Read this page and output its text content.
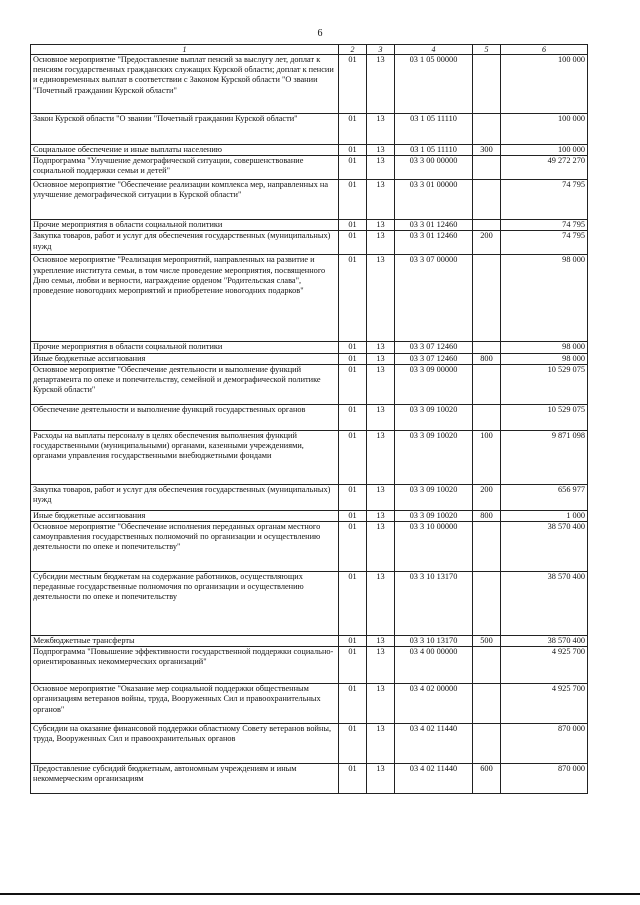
6
1	2	3	4	5	6
Основное мероприятие "Предоставление выплат пенсий за выслугу лет, доплат к пенсиям государственных гражданских служащих Курской области; доплат к пенсии и единовременных выплат в соответствии с Законом Курской области "О звании "Почетный гражданин Курской области"	01	13	03 1 05 00000		100 000
Закон Курской области "О звании "Почетный гражданин Курской области"	01	13	03 1 05 11110		100 000
Социальное обеспечение и иные выплаты населению	01	13	03 1 05 11110	300	100 000
Подпрограмма "Улучшение демографической ситуации, совершенствование социальной поддержки семьи и детей"	01	13	03 3 00 00000		49 272 270
Основное мероприятие "Обеспечение реализации комплекса мер, направленных на улучшение демографической ситуации в Курской области"	01	13	03 3 01 00000		74 795
Прочие мероприятия в области социальной политики	01	13	03 3 01 12460		74 795
Закупка товаров, работ и услуг для обеспечения государственных (муниципальных) нужд	01	13	03 3 01 12460	200	74 795
Основное мероприятие "Реализация мероприятий, направленных на развитие и укрепление института семьи, в том числе проведение мероприятия, посвященного Дню семьи, любви и верности, награждение орденом "Родительская слава", проведение новогодних мероприятий и приобретение новогодних подарков"	01	13	03 3 07 00000		98 000
Прочие мероприятия в области социальной политики	01	13	03 3 07 12460		98 000
Иные бюджетные ассигнования	01	13	03 3 07 12460	800	98 000
Основное мероприятие "Обеспечение деятельности и выполнение функций департамента по опеке и попечительству, семейной и демографической политике Курской области"	01	13	03 3 09 00000		10 529 075
Обеспечение деятельности и выполнение функций государственных органов	01	13	03 3 09 10020		10 529 075
Расходы на выплаты персоналу в целях обеспечения выполнения функций государственными (муниципальными) органами, казенными учреждениями, органами управления государственными внебюджетными фондами	01	13	03 3 09 10020	100	9 871 098
Закупка товаров, работ и услуг для обеспечения государственных (муниципальных) нужд	01	13	03 3 09 10020	200	656 977
Иные бюджетные ассигнования	01	13	03 3 09 10020	800	1 000
Основное мероприятие "Обеспечение исполнения переданных органам местного самоуправления государственных полномочий по организации и осуществлению деятельности по опеке и попечительству"	01	13	03 3 10 00000		38 570 400
Субсидии местным бюджетам на содержание работников, осуществляющих переданные государственные полномочия по организации и осуществлению деятельности по опеке и попечительству	01	13	03 3 10 13170		38 570 400
Межбюджетные трансферты	01	13	03 3 10 13170	500	38 570 400
Подпрограмма "Повышение эффективности государственной поддержки социально-ориентированных некоммерческих организаций"	01	13	03 4 00 00000		4 925 700
Основное мероприятие "Оказание мер социальной поддержки общественным организациям ветеранов войны, труда, Вооруженных Сил и правоохранительных органов"	01	13	03 4 02 00000		4 925 700
Субсидии на оказание финансовой поддержки областному Совету ветеранов войны, труда, Вооруженных Сил и правоохранительных органов	01	13	03 4 02 11440		870 000
Предоставление субсидий бюджетным, автономным учреждениям и иным некоммерческим организациям	01	13	03 4 02 11440	600	870 000
